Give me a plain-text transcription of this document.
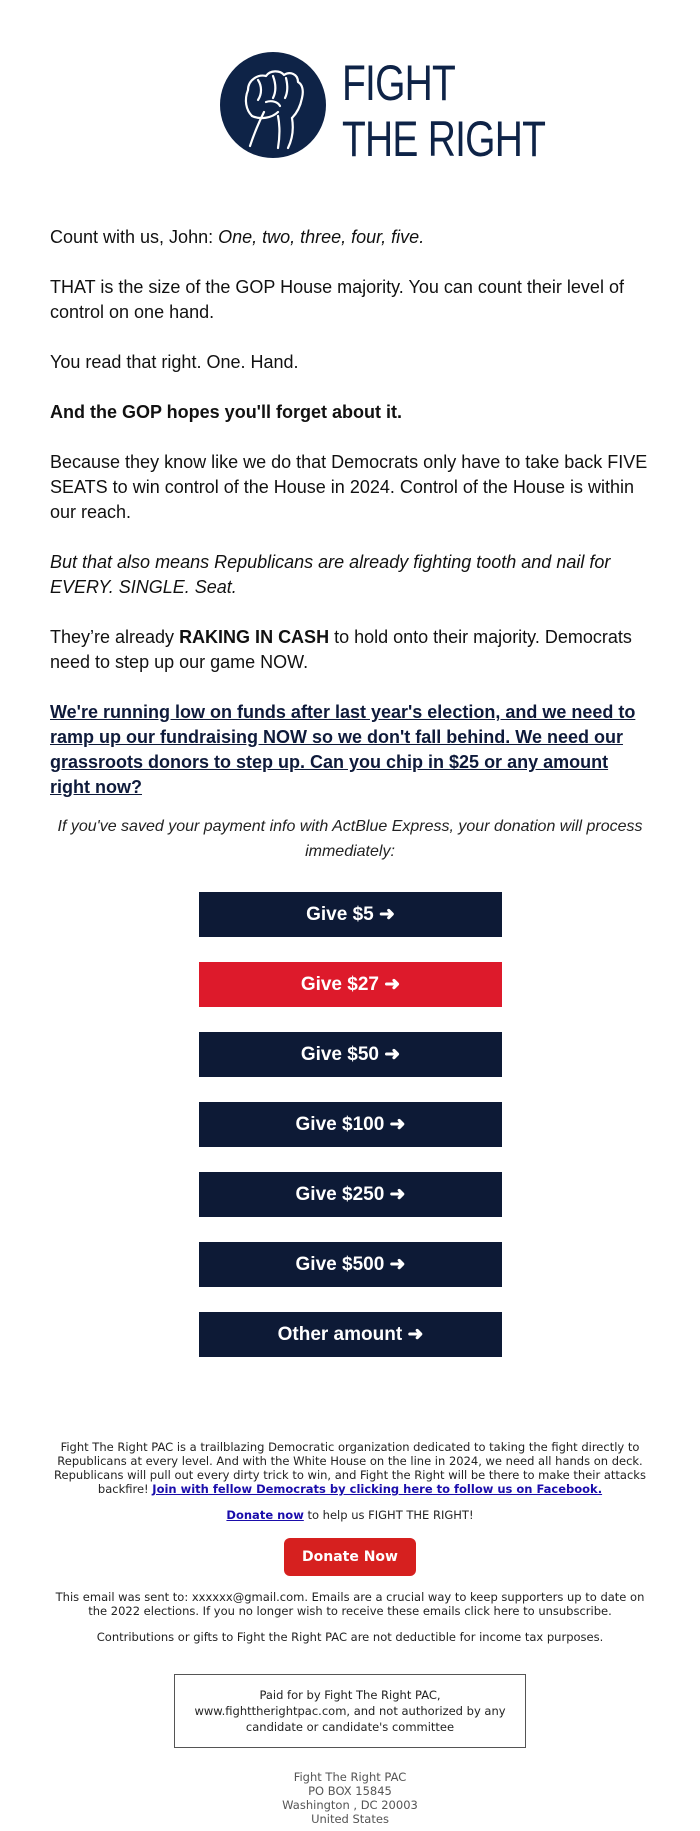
FIGHT
THE RIGHT

Count with us, John: One, two, three, four, five.

THAT is the size of the GOP House majority. You can count their level of control on one hand.

You read that right. One. Hand.

And the GOP hopes you'll forget about it.

Because they know like we do that Democrats only have to take back FIVE SEATS to win control of the House in 2024. Control of the House is within our reach.

But that also means Republicans are already fighting tooth and nail for EVERY. SINGLE. Seat.

They’re already RAKING IN CASH to hold onto their majority. Democrats need to step up our game NOW.

We're running low on funds after last year's election, and we need to ramp up our fundraising NOW so we don't fall behind. We need our grassroots donors to step up. Can you chip in $25 or any amount right now?

If you've saved your payment info with ActBlue Express, your donation will process immediately:

Give $5 ➜
Give $27 ➜
Give $50 ➜
Give $100 ➜
Give $250 ➜
Give $500 ➜
Other amount ➜

Fight The Right PAC is a trailblazing Democratic organization dedicated to taking the fight directly to Republicans at every level. And with the White House on the line in 2024, we need all hands on deck. Republicans will pull out every dirty trick to win, and Fight the Right will be there to make their attacks backfire! Join with fellow Democrats by clicking here to follow us on Facebook.

Donate now to help us FIGHT THE RIGHT!

Donate Now

This email was sent to: xxxxxx@gmail.com. Emails are a crucial way to keep supporters up to date on the 2022 elections. If you no longer wish to receive these emails click here to unsubscribe.

Contributions or gifts to Fight the Right PAC are not deductible for income tax purposes.

Paid for by Fight The Right PAC, www.fighttherightpac.com, and not authorized by any candidate or candidate's committee
Fight The Right PAC
PO BOX 15845
Washington , DC 20003
United States
